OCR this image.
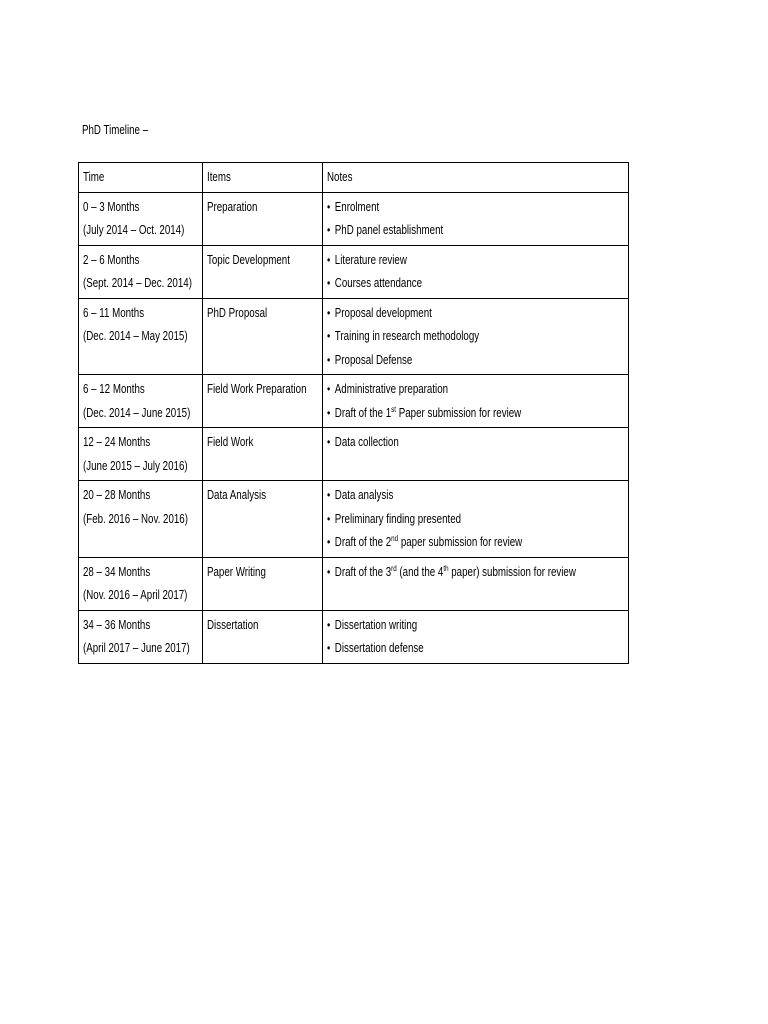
PhD Timeline –
Time	Items	Notes

0 – 3 Months
(July 2014 – Oct. 2014)	Preparation	• Enrolment
• PhD panel establishment

2 – 6 Months
(Sept. 2014 – Dec. 2014)	Topic Development	• Literature review
• Courses attendance

6 – 11 Months
(Dec. 2014 – May 2015)	PhD Proposal	• Proposal development
• Training in research methodology
• Proposal Defense

6 – 12 Months
(Dec. 2014 – June 2015)	Field Work Preparation	• Administrative preparation
• Draft of the 1st Paper submission for review

12 – 24 Months
(June 2015 – July 2016)	Field Work	• Data collection

20 – 28 Months
(Feb. 2016 – Nov. 2016)	Data Analysis	• Data analysis
• Preliminary finding presented
• Draft of the 2nd paper submission for review

28 – 34 Months
(Nov. 2016 – April 2017)	Paper Writing	• Draft of the 3rd (and the 4th paper) submission for review

34 – 36 Months
(April 2017 – June 2017)	Dissertation	• Dissertation writing
• Dissertation defense
